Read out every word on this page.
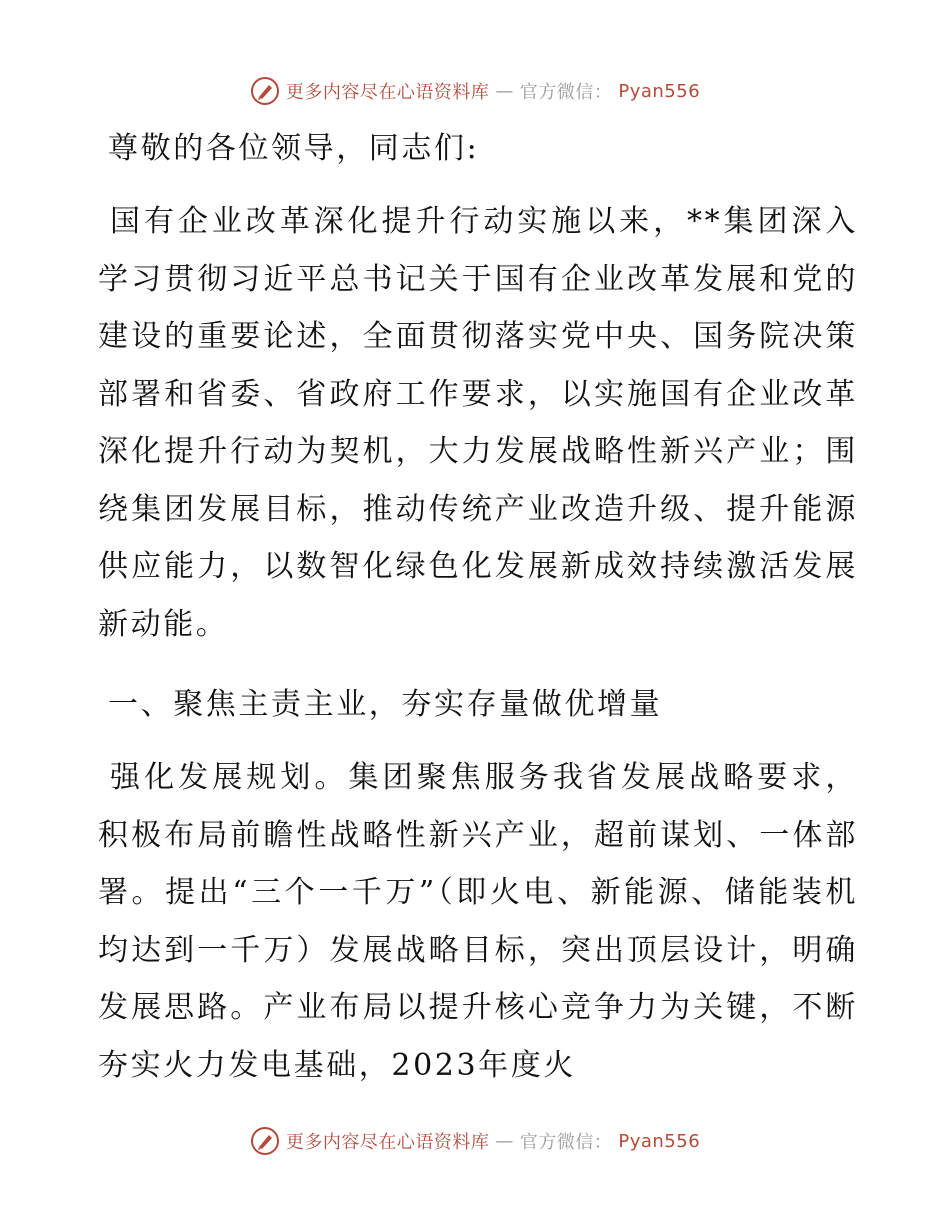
更多内容尽在心语资料库 — 官方微信： Pyan556
尊敬的各位领导，同志们:

国有企业改革深化提升行动实施以来，**集团深入学习贯彻习近平总书记关于国有企业改革发展和党的建设的重要论述，全面贯彻落实党中央、国务院决策部署和省委、省政府工作要求，以实施国有企业改革深化提升行动为契机，大力发展战略性新兴产业；围绕集团发展目标，推动传统产业改造升级、提升能源供应能力，以数智化绿色化发展新成效持续激活发展新动能。

一、聚焦主责主业，夯实存量做优增量

强化发展规划。集团聚焦服务我省发展战略要求，积极布局前瞻性战略性新兴产业，超前谋划、一体部署。提出“三个一千万”（即火电、新能源、储能装机均达到一千万）发展战略目标，突出顶层设计，明确发展思路。产业布局以提升核心竞争力为关键，不断夯实火力发电基础，2023年度火

更多内容尽在心语资料库 — 官方微信： Pyan556
